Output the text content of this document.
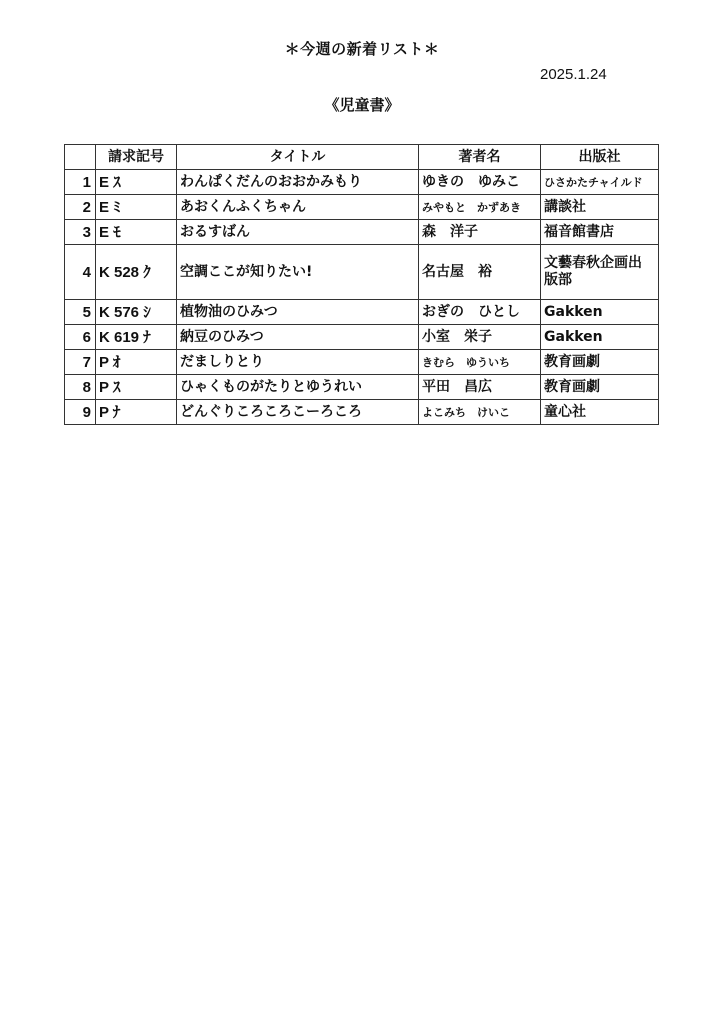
＊今週の新着リスト＊
2025.1.24
《児童書》
	請求記号	タイトル	著者名	出版社
1	E ｽ	わんぱくだんのおおかみもり	ゆきの　ゆみこ	ひさかたチャイルド
2	E ﾐ	あおくんふくちゃん	みやもと　かずあき	講談社
3	E ﾓ	おるすばん	森　洋子	福音館書店
4	K 528 ｸ	空調ここが知りたい!	名古屋　裕	文藝春秋企画出版部
5	K 576 ｼ	植物油のひみつ	おぎの　ひとし	Gakken
6	K 619 ﾅ	納豆のひみつ	小室　栄子	Gakken
7	P ｵ	だましりとり	きむら　ゆういち	教育画劇
8	P ｽ	ひゃくものがたりとゆうれい	平田　昌広	教育画劇
9	P ﾅ	どんぐりころころこーろころ	よこみち　けいこ	童心社
